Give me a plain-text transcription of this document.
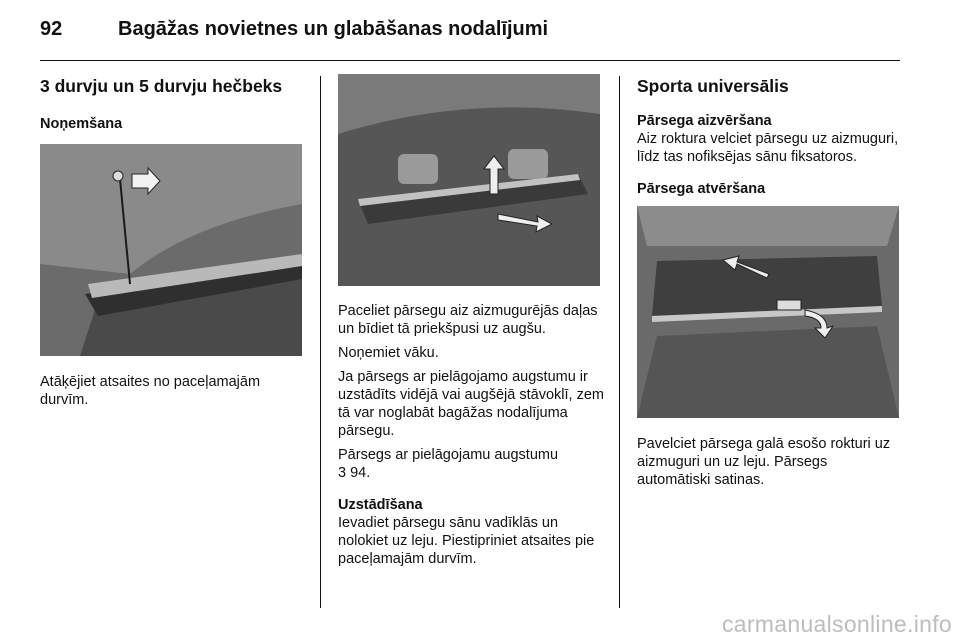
92	Bagāžas novietnes un glabāšanas nodalījumi
3 durvju un 5 durvju hečbeks
Noņemšana

Atāķējiet atsaites no paceļamajām durvīm.

Paceliet pārsegu aiz aizmugurējās daļas un bīdiet tā priekšpusi uz augšu.

Noņemiet vāku.

Ja pārsegs ar pielāgojamo augstumu ir uzstādīts vidējā vai augšējā stāvoklī, zem tā var noglabāt bagāžas nodalījuma pārsegu.

Pārsegs ar pielāgojamu augstumu
3 94.

Uzstādīšana

Ievadiet pārsegu sānu vadīklās un nolokiet uz leju. Piestipriniet atsaites pie paceļamajām durvīm.

Sporta universālis
Pārsega aizvēršana

Aiz roktura velciet pārsegu uz aizmuguri, līdz tas nofiksējas sānu fiksatoros.

Pārsega atvēršana

Pavelciet pārsega galā esošo rokturi uz aizmuguri un uz leju. Pārsegs automātiski satinas.

carmanualsonline.info
